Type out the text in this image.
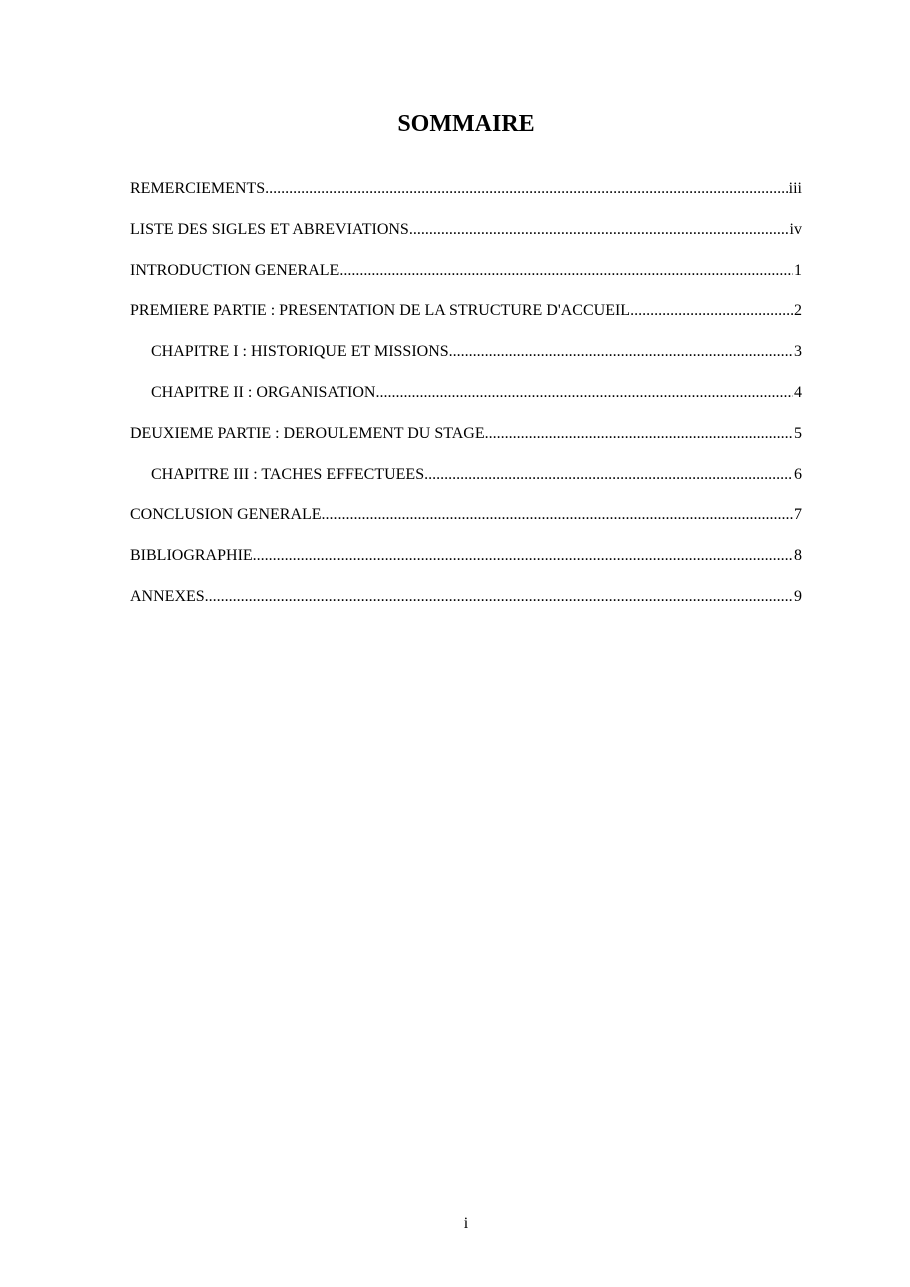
SOMMAIRE
REMERCIEMENTS .....	iii
LISTE DES SIGLES ET ABREVIATIONS .....	iv
INTRODUCTION GENERALE .....	1
PREMIERE PARTIE : PRESENTATION DE LA STRUCTURE D'ACCUEIL .....	2
CHAPITRE I : HISTORIQUE ET MISSIONS .....	3
CHAPITRE II : ORGANISATION .....	4
DEUXIEME PARTIE : DEROULEMENT DU STAGE .....	5
CHAPITRE III : TACHES EFFECTUEES .....	6
CONCLUSION GENERALE .....	7
BIBLIOGRAPHIE .....	8
ANNEXES .....	9
i
